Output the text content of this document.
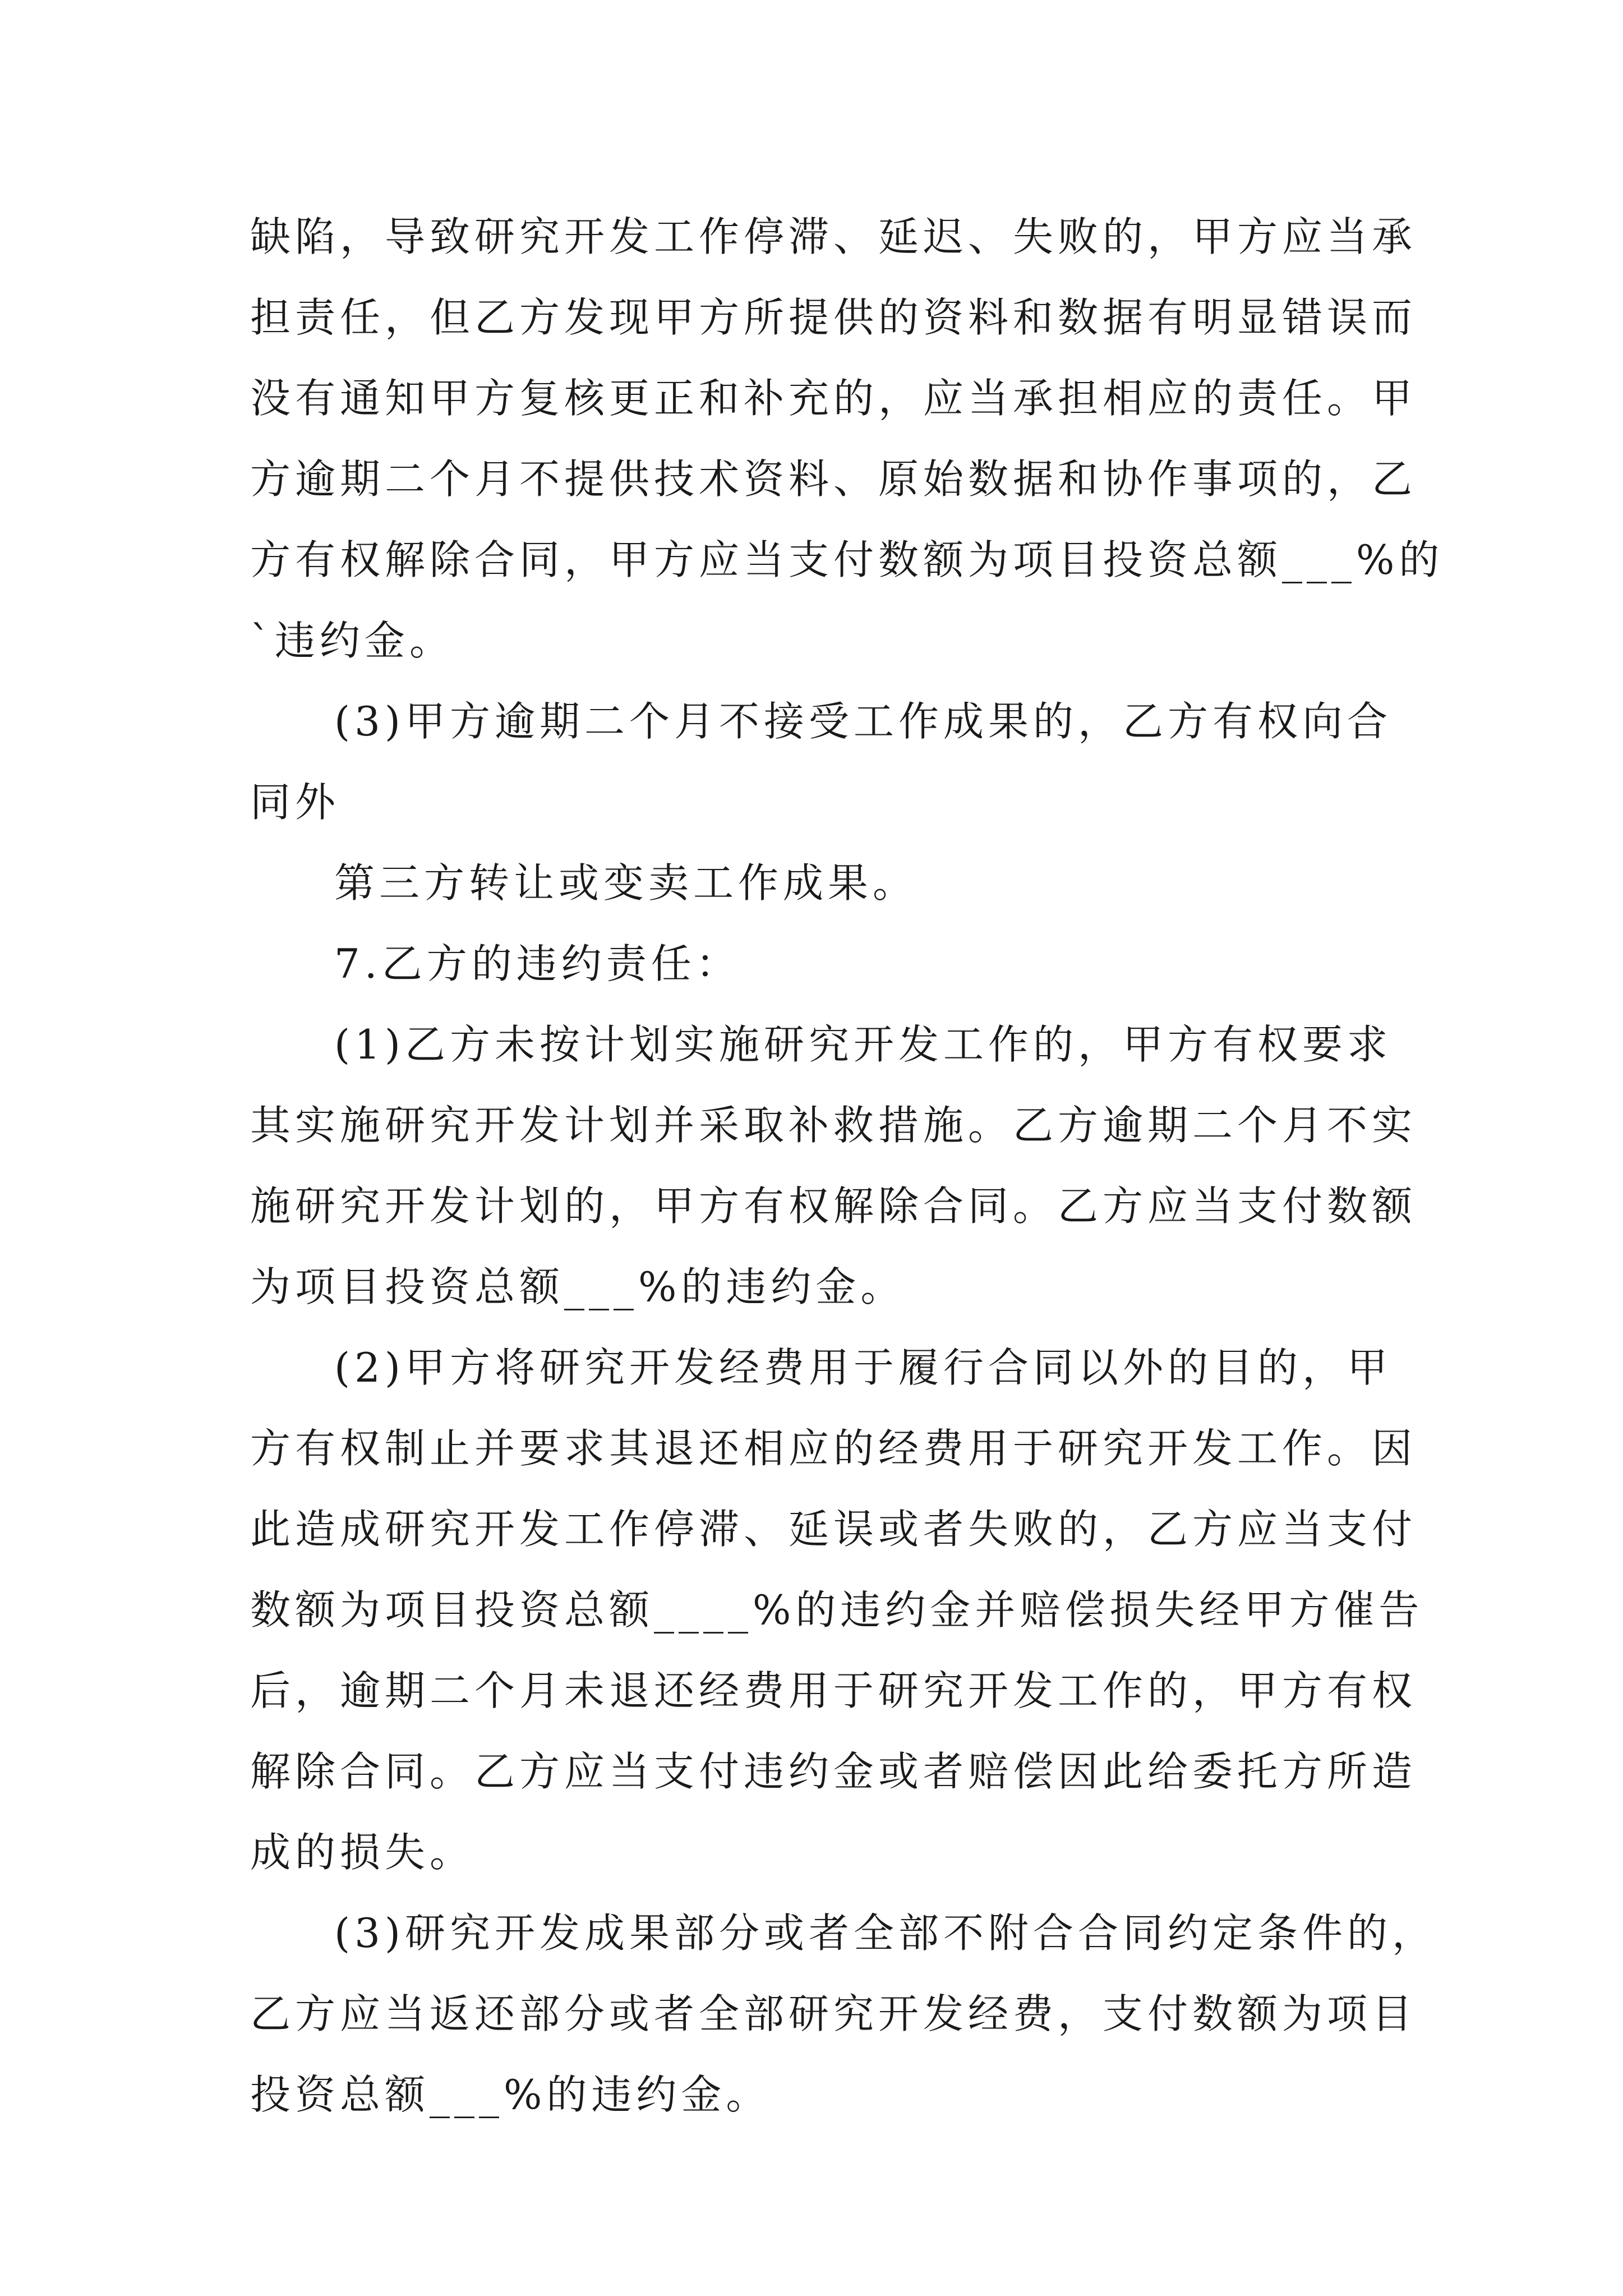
缺陷，导致研究开发工作停滞、延迟、失败的，甲方应当承

担责任，但乙方发现甲方所提供的资料和数据有明显错误而

没有通知甲方复核更正和补充的，应当承担相应的责任。甲

方逾期二个月不提供技术资料、原始数据和协作事项的，乙

方有权解除合同，甲方应当支付数额为项目投资总额___%的

`违约金。

(3)甲方逾期二个月不接受工作成果的，乙方有权向合

同外

第三方转让或变卖工作成果。

7.乙方的违约责任：

(1)乙方未按计划实施研究开发工作的，甲方有权要求

其实施研究开发计划并采取补救措施。乙方逾期二个月不实

施研究开发计划的，甲方有权解除合同。乙方应当支付数额

为项目投资总额___%的违约金。

(2)甲方将研究开发经费用于履行合同以外的目的，甲

方有权制止并要求其退还相应的经费用于研究开发工作。因

此造成研究开发工作停滞、延误或者失败的，乙方应当支付

数额为项目投资总额____%的违约金并赔偿损失经甲方催告

后，逾期二个月未退还经费用于研究开发工作的，甲方有权

解除合同。乙方应当支付违约金或者赔偿因此给委托方所造

成的损失。

(3)研究开发成果部分或者全部不附合合同约定条件的，

乙方应当返还部分或者全部研究开发经费，支付数额为项目

投资总额___%的违约金。
